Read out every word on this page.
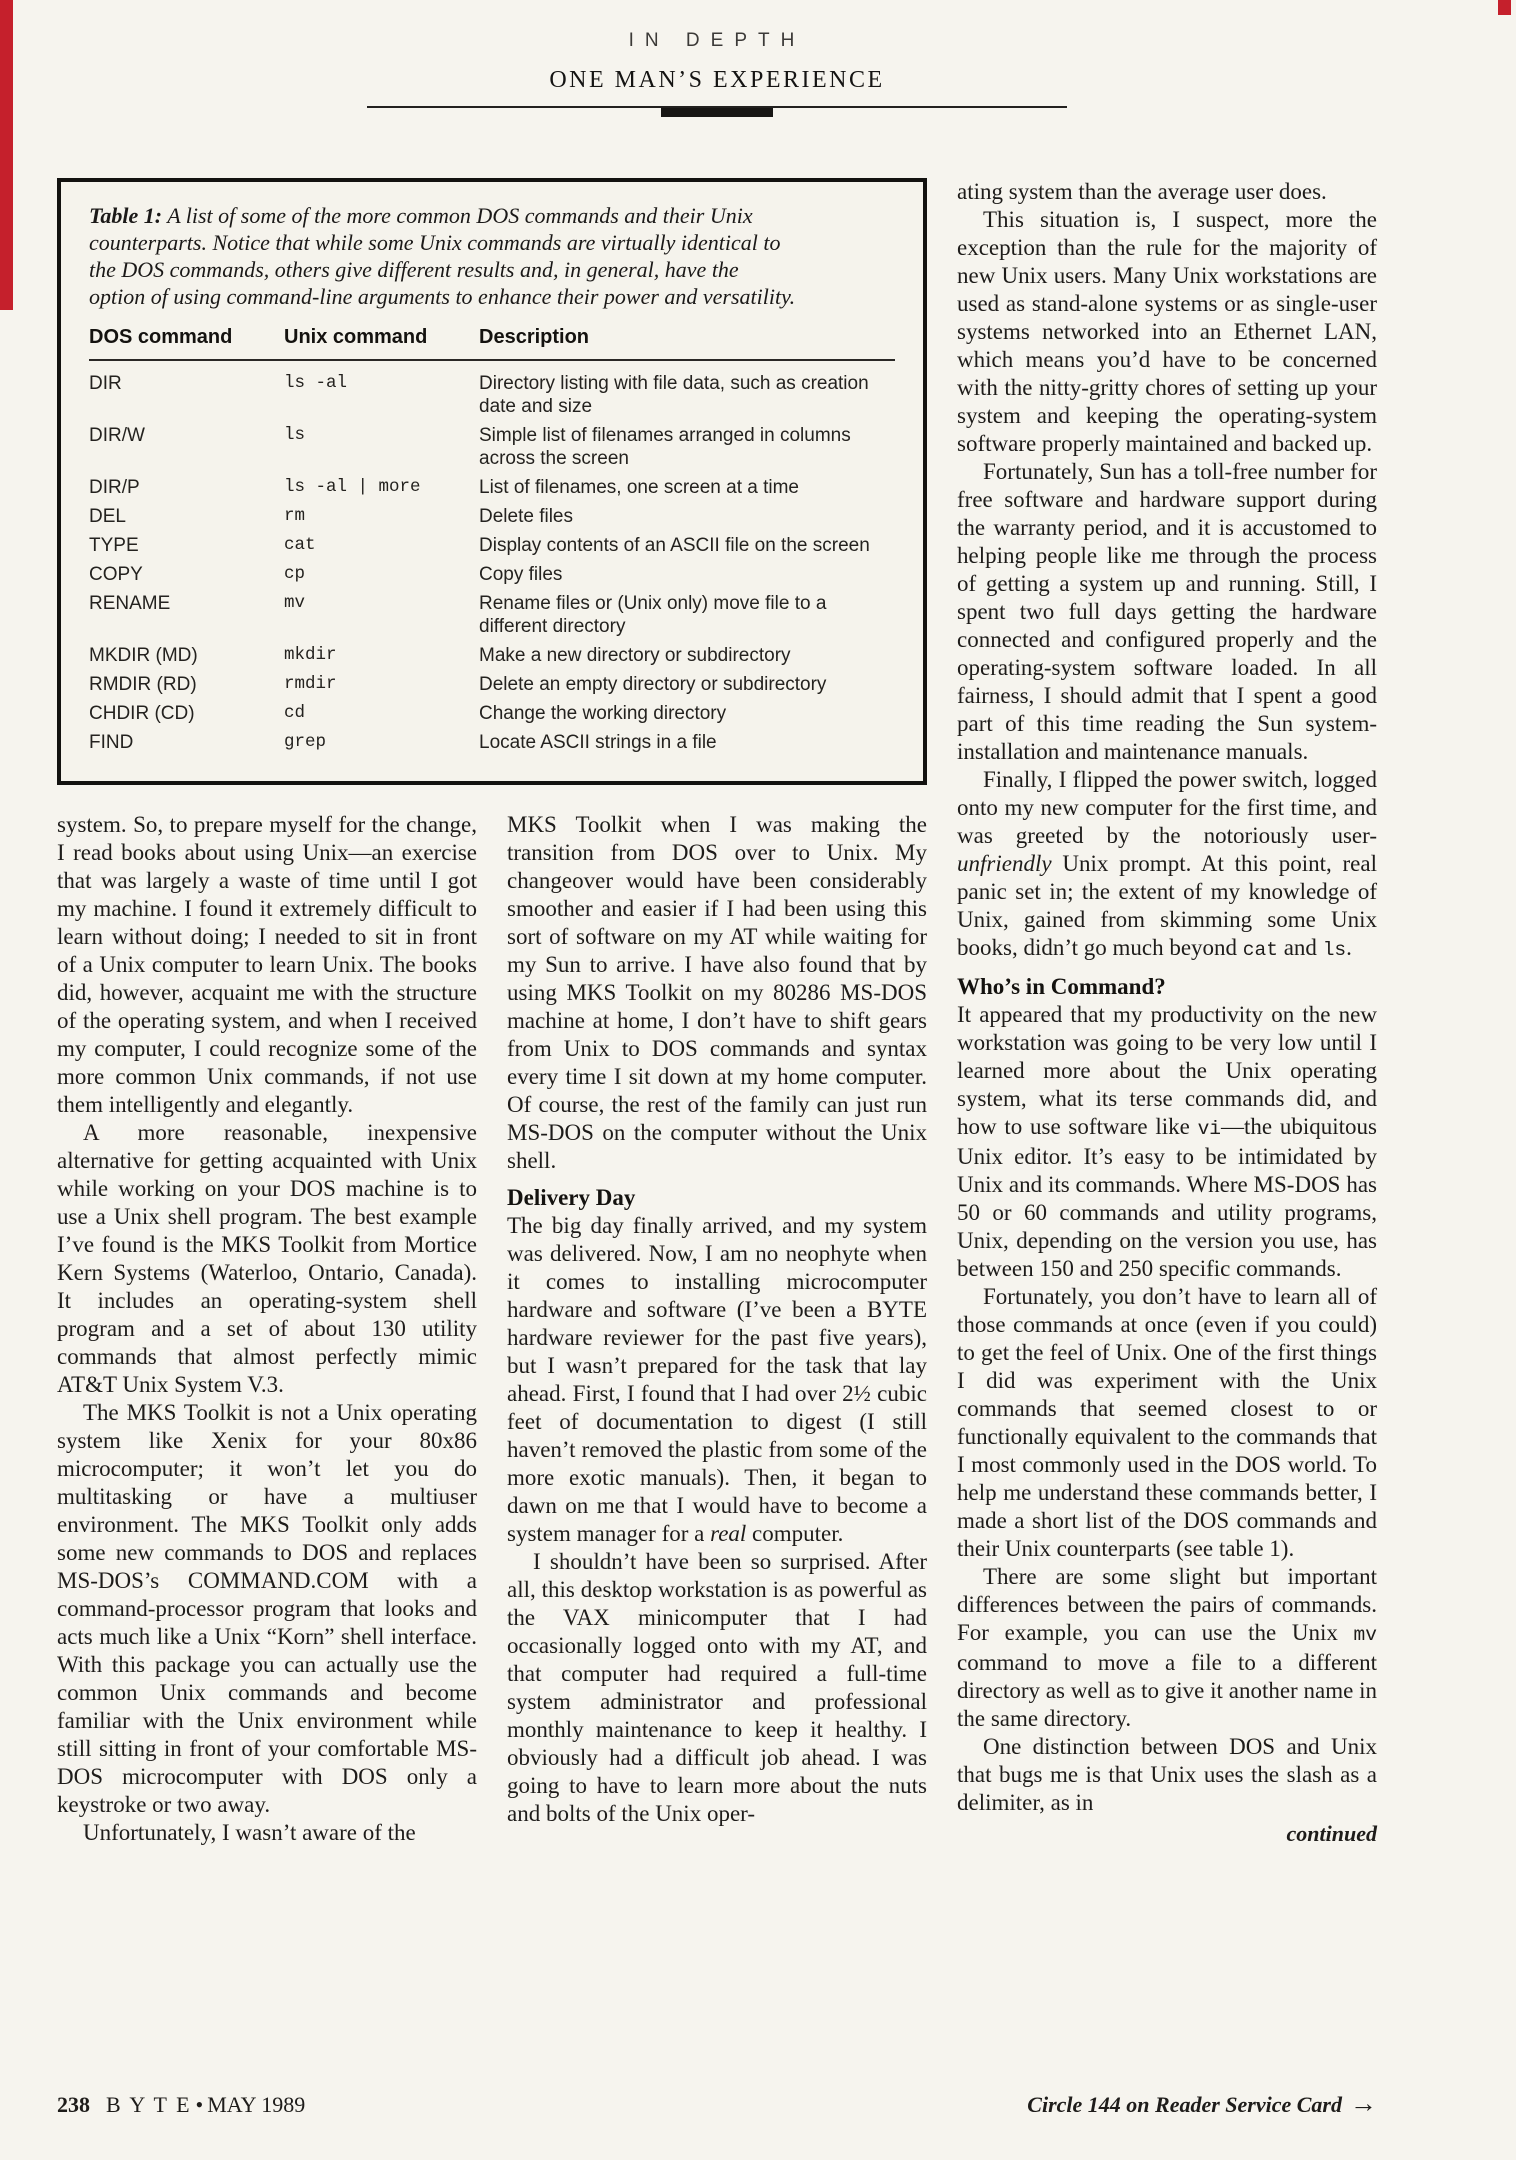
IN DEPTH
ONE MAN’S EXPERIENCE

Table 1: A list of some of the more common DOS commands and their Unix counterparts. Notice that while some Unix commands are virtually identical to the DOS commands, others give different results and, in general, have the option of using command-line arguments to enhance their power and versatility.

DOS command	Unix command	Description
DIR	ls -al	Directory listing with file data, such as creation date and size
DIR/W	ls	Simple list of filenames arranged in columns across the screen
DIR/P	ls -al | more	List of filenames, one screen at a time
DEL	rm	Delete files
TYPE	cat	Display contents of an ASCII file on the screen
COPY	cp	Copy files
RENAME	mv	Rename files or (Unix only) move file to a different directory
MKDIR (MD)	mkdir	Make a new directory or subdirectory
RMDIR (RD)	rmdir	Delete an empty directory or subdirectory
CHDIR (CD)	cd	Change the working directory
FIND	grep	Locate ASCII strings in a file

system. So, to prepare myself for the change, I read books about using Unix—an exercise that was largely a waste of time until I got my machine. I found it extremely difficult to learn without doing; I needed to sit in front of a Unix computer to learn Unix. The books did, however, acquaint me with the structure of the operating system, and when I received my computer, I could recognize some of the more common Unix commands, if not use them intelligently and elegantly.

A more reasonable, inexpensive alternative for getting acquainted with Unix while working on your DOS machine is to use a Unix shell program. The best example I’ve found is the MKS Toolkit from Mortice Kern Systems (Waterloo, Ontario, Canada). It includes an operating-system shell program and a set of about 130 utility commands that almost perfectly mimic AT&T Unix System V.3.

The MKS Toolkit is not a Unix operating system like Xenix for your 80x86 microcomputer; it won’t let you do multitasking or have a multiuser environment. The MKS Toolkit only adds some new commands to DOS and replaces MS-DOS’s COMMAND.COM with a command-processor program that looks and acts much like a Unix “Korn” shell interface. With this package you can actually use the common Unix commands and become familiar with the Unix environment while still sitting in front of your comfortable MS-DOS microcomputer with DOS only a keystroke or two away.

Unfortunately, I wasn’t aware of the

MKS Toolkit when I was making the transition from DOS over to Unix. My changeover would have been considerably smoother and easier if I had been using this sort of software on my AT while waiting for my Sun to arrive. I have also found that by using MKS Toolkit on my 80286 MS-DOS machine at home, I don’t have to shift gears from Unix to DOS commands and syntax every time I sit down at my home computer. Of course, the rest of the family can just run MS-DOS on the computer without the Unix shell.

Delivery Day

The big day finally arrived, and my system was delivered. Now, I am no neophyte when it comes to installing microcomputer hardware and software (I’ve been a BYTE hardware reviewer for the past five years), but I wasn’t prepared for the task that lay ahead. First, I found that I had over 2½ cubic feet of documentation to digest (I still haven’t removed the plastic from some of the more exotic manuals). Then, it began to dawn on me that I would have to become a system manager for a real computer.

I shouldn’t have been so surprised. After all, this desktop workstation is as powerful as the VAX minicomputer that I had occasionally logged onto with my AT, and that computer had required a full-time system administrator and professional monthly maintenance to keep it healthy. I obviously had a difficult job ahead. I was going to have to learn more about the nuts and bolts of the Unix oper-

ating system than the average user does.

This situation is, I suspect, more the exception than the rule for the majority of new Unix users. Many Unix workstations are used as stand-alone systems or as single-user systems networked into an Ethernet LAN, which means you’d have to be concerned with the nitty-gritty chores of setting up your system and keeping the operating-system software properly maintained and backed up.

Fortunately, Sun has a toll-free number for free software and hardware support during the warranty period, and it is accustomed to helping people like me through the process of getting a system up and running. Still, I spent two full days getting the hardware connected and configured properly and the operating-system software loaded. In all fairness, I should admit that I spent a good part of this time reading the Sun system-installation and maintenance manuals.

Finally, I flipped the power switch, logged onto my new computer for the first time, and was greeted by the notoriously user-unfriendly Unix prompt. At this point, real panic set in; the extent of my knowledge of Unix, gained from skimming some Unix books, didn’t go much beyond cat and ls.

Who’s in Command?

It appeared that my productivity on the new workstation was going to be very low until I learned more about the Unix operating system, what its terse commands did, and how to use software like vi—the ubiquitous Unix editor. It’s easy to be intimidated by Unix and its commands. Where MS-DOS has 50 or 60 commands and utility programs, Unix, depending on the version you use, has between 150 and 250 specific commands.

Fortunately, you don’t have to learn all of those commands at once (even if you could) to get the feel of Unix. One of the first things I did was experiment with the Unix commands that seemed closest to or functionally equivalent to the commands that I most commonly used in the DOS world. To help me understand these commands better, I made a short list of the DOS commands and their Unix counterparts (see table 1).

There are some slight but important differences between the pairs of commands. For example, you can use the Unix mv command to move a file to a different directory as well as to give it another name in the same directory.

One distinction between DOS and Unix that bugs me is that Unix uses the slash as a delimiter, as in

continued

238 B Y T E • MAY 1989	Circle 144 on Reader Service Card →
